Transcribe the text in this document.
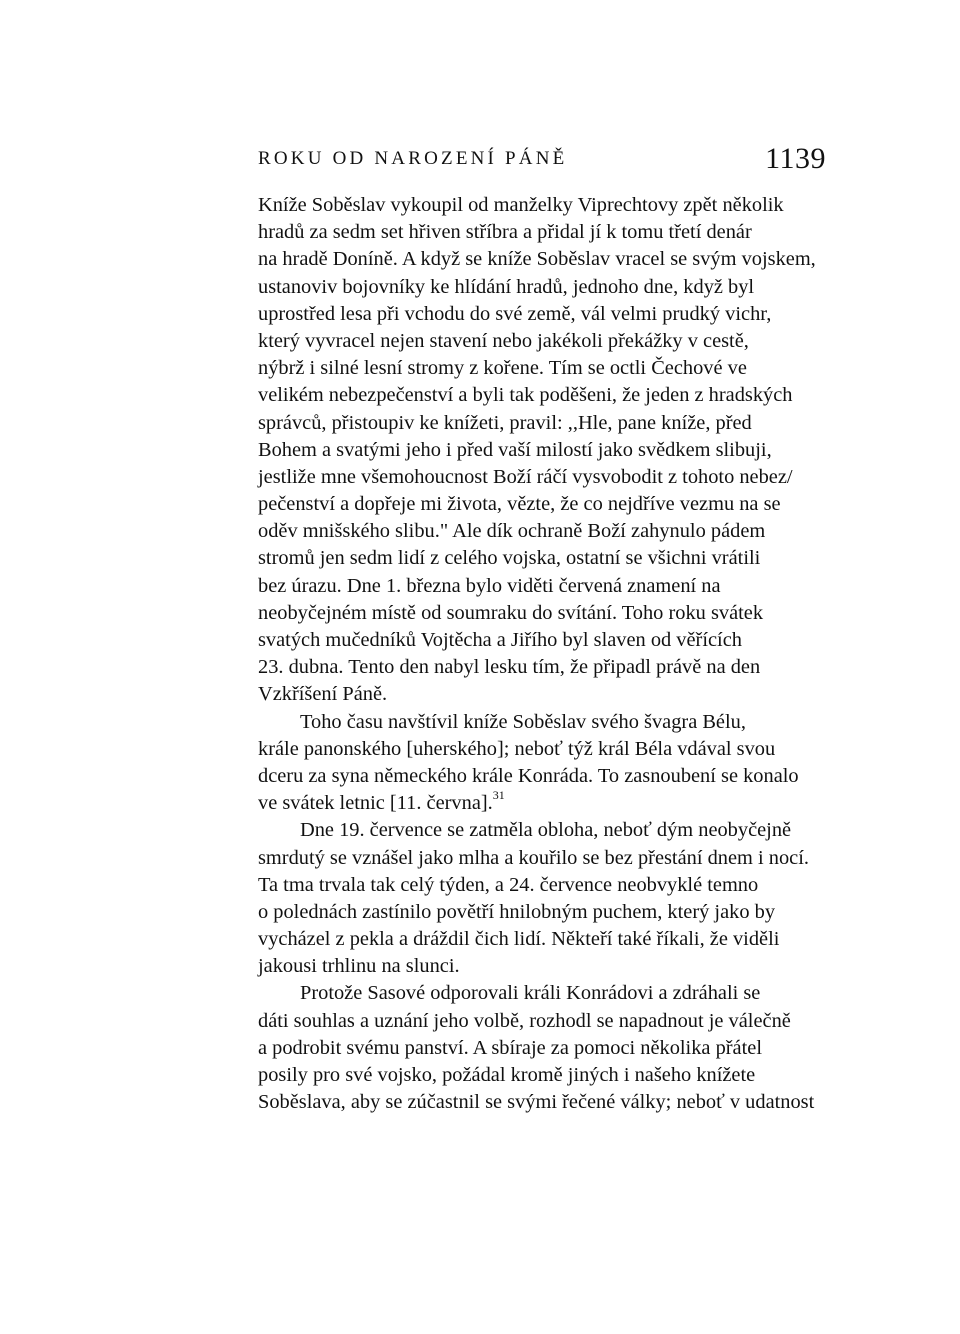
ROKU OD NAROZENÍ PÁNĚ	1139
Kníže Soběslav vykoupil od manželky Viprechtovy zpět několik
hradů za sedm set hřiven stříbra a přidal jí k tomu třetí denár
na hradě Doníně. A když se kníže Soběslav vracel se svým vojskem,
ustanoviv bojovníky ke hlídání hradů, jednoho dne, když byl
uprostřed lesa při vchodu do své země, vál velmi prudký vichr,
který vyvracel nejen stavení nebo jakékoli překážky v cestě,
nýbrž i silné lesní stromy z kořene. Tím se octli Čechové ve
velikém nebezpečenství a byli tak poděšeni, že jeden z hradských
správců, přistoupiv ke knížeti, pravil: ,,Hle, pane kníže, před
Bohem a svatými jeho i před vaší milostí jako svědkem slibuji,
jestliže mne všemohoucnost Boží ráčí vysvobodit z tohoto nebez/
pečenství a dopřeje mi života, vězte, že co nejdříve vezmu na se
oděv mnišského slibu." Ale dík ochraně Boží zahynulo pádem
stromů jen sedm lidí z celého vojska, ostatní se všichni vrátili
bez úrazu. Dne 1. března bylo viděti červená znamení na
neobyčejném místě od soumraku do svítání. Toho roku svátek
svatých mučedníků Vojtěcha a Jiřího byl slaven od věřících
23. dubna. Tento den nabyl lesku tím, že připadl právě na den
Vzkříšení Páně.
Toho času navštívil kníže Soběslav svého švagra Bélu,
krále panonského [uherského]; neboť týž král Béla vdával svou
dceru za syna německého krále Konráda. To zasnoubení se konalo
ve svátek letnic [11. června].$^{31}$
Dne 19. července se zatměla obloha, neboť dým neobyčejně
smrdutý se vznášel jako mlha a kouřilo se bez přestání dnem i nocí.
Ta tma trvala tak celý týden, a 24. července neobvyklé temno
o polednách zastínilo povětří hnilobným puchem, který jako by
vycházel z pekla a dráždil čich lidí. Někteří také říkali, že viděli
jakousi trhlinu na slunci.
Protože Sasové odporovali králi Konrádovi a zdráhali se
dáti souhlas a uznání jeho volbě, rozhodl se napadnout je válečně
a podrobit svému panství. A sbíraje za pomoci několika přátel
posily pro své vojsko, požádal kromě jiných i našeho knížete
Soběslava, aby se zúčastnil se svými řečené války; neboť v udatnost
